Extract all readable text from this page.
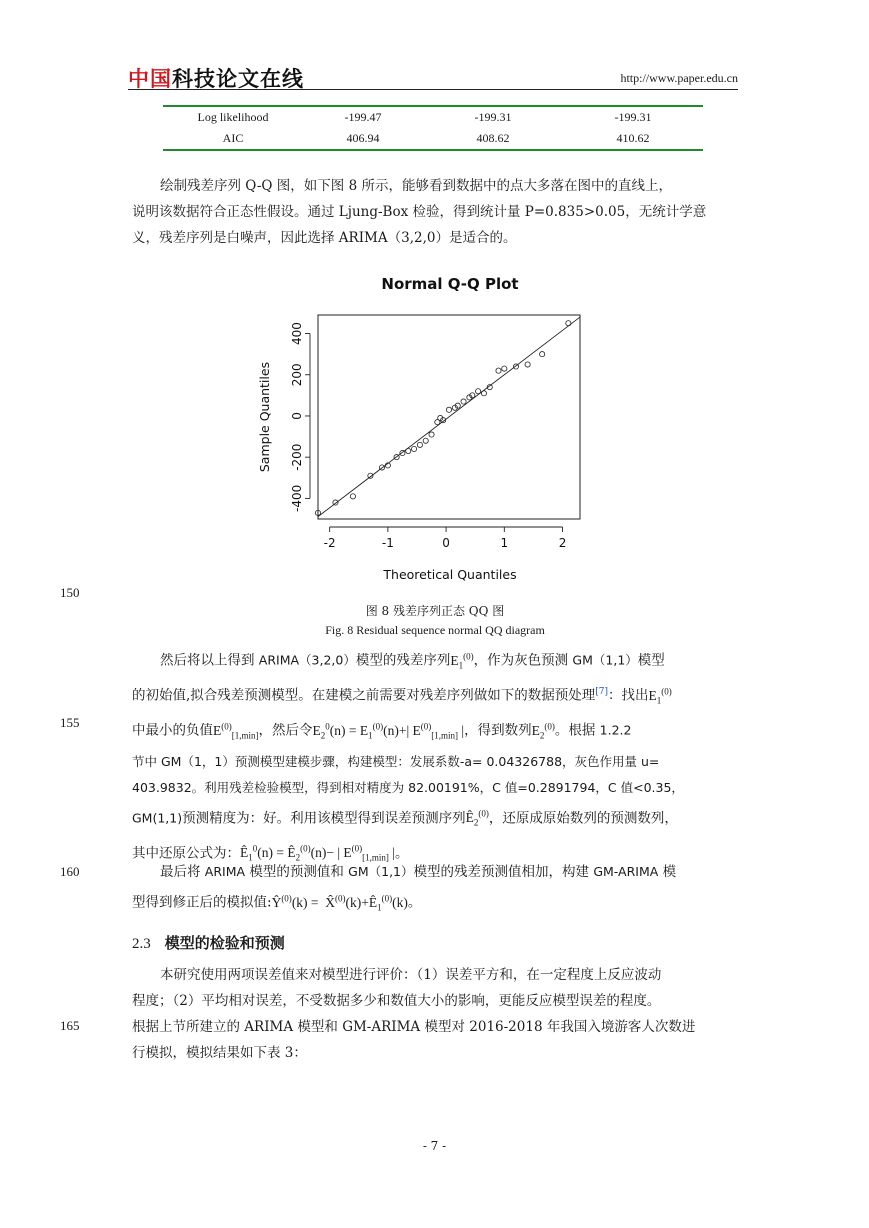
中国科技论文在线	http://www.paper.edu.cn
Log likelihood	-199.47	-199.31	-199.31
AIC	406.94	408.62	410.62
绘制残差序列 Q-Q 图，如下图 8 所示，能够看到数据中的点大多落在图中的直线上，
说明该数据符合正态性假设。通过 Ljung-Box 检验，得到统计量 P=0.835>0.05，无统计学意
义，残差序列是白噪声，因此选择 ARIMA（3,2,0）是适合的。
Normal Q-Q Plot
-2	-1	0	1	2
-400
-200
0
200
400
Theoretical Quantiles
Sample Quantiles
150
图 8 残差序列正态 QQ 图
Fig. 8 Residual sequence normal QQ diagram
然后将以上得到 ARIMA（3,2,0）模型的残差序列$E_1^{(0)}$，作为灰色预测 GM（1,1）模型
的初始值,拟合残差预测模型。在建模之前需要对残差序列做如下的数据预处理[7]：找出$E_1^{(0)}$
中最小的负值$E^{(0)}_{[1,min]}$，然后令$E_2^0(n) = E_1^{(0)}(n)+|$ $E^{(0)}_{[1,min]}$ |，得到数列$E_2^{(0)}$。根据 1.2.2
节中 GM（1，1）预测模型建模步骤，构建模型：发展系数-a= 0.04326788，灰色作用量 u=
403.9832。利用残差检验模型，得到相对精度为 82.00191%，C 值=0.2891794，C 值<0.35，
GM(1,1)预测精度为：好。利用该模型得到误差预测序列$Ê_2^{(0)}$，还原成原始数列的预测数列，
其中还原公式为：$Ê_1^0(n)$ = $Ê_2^{(0)}(n)-$ | $E^{(0)}_{[1,min]}$ |。
155
最后将 ARIMA 模型的预测值和 GM（1,1）模型的残差预测值相加，构建 GM-ARIMA 模
型得到修正后的模拟值$:Ŷ^{(0)}(k)$ =  $X̂^{(0)}(k)+Ê_1^{(0)}(k)$。
160
2.3 模型的检验和预测
本研究使用两项误差值来对模型进行评价：（1）误差平方和，在一定程度上反应波动
程度；（2）平均相对误差，不受数据多少和数值大小的影响，更能反应模型误差的程度。
根据上节所建立的 ARIMA 模型和 GM-ARIMA 模型对 2016-2018 年我国入境游客人次数进
行模拟，模拟结果如下表 3：
165
- 7 -
